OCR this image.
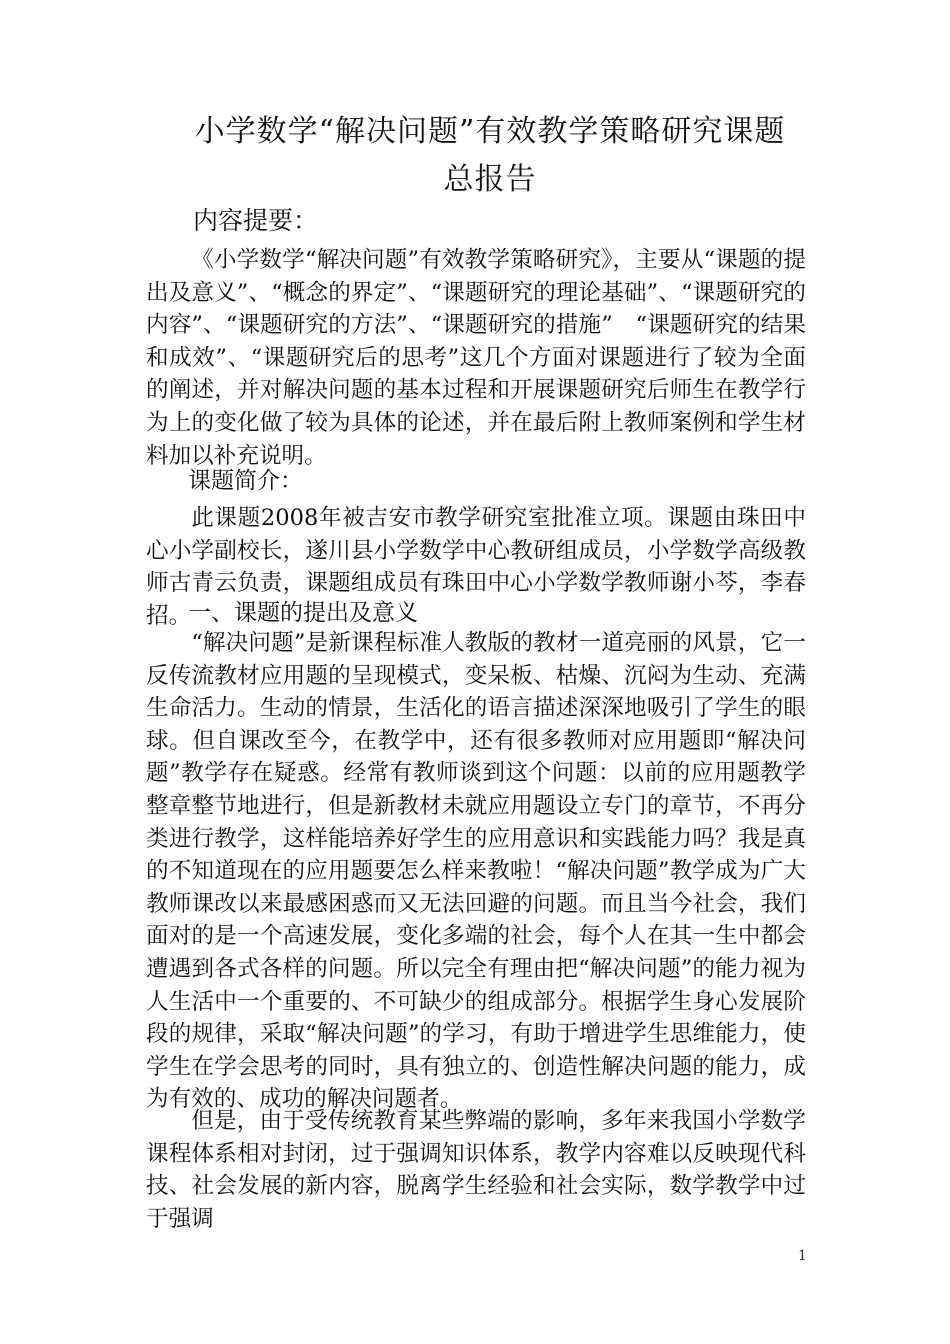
小学数学“解决问题”有效教学策略研究课题
总报告
内容提要：

《小学数学“解决问题”有效教学策略研究》，主要从“课题的提出及意义”、“概念的界定”、“课题研究的理论基础”、“课题研究的内容”、“课题研究的方法”、“课题研究的措施”　“课题研究的结果和成效”、“课题研究后的思考”这几个方面对课题进行了较为全面的阐述，并对解决问题的基本过程和开展课题研究后师生在教学行为上的变化做了较为具体的论述，并在最后附上教师案例和学生材料加以补充说明。

课题简介：

此课题2008年被吉安市教学研究室批准立项。课题由珠田中心小学副校长，遂川县小学数学中心教研组成员，小学数学高级教师古青云负责，课题组成员有珠田中心小学数学教师谢小芩，李春招。

一、课题的提出及意义

“解决问题”是新课程标准人教版的教材一道亮丽的风景，它一反传流教材应用题的呈现模式，变呆板、枯燥、沉闷为生动、充满生命活力。生动的情景，生活化的语言描述深深地吸引了学生的眼球。但自课改至今，在教学中，还有很多教师对应用题即“解决问题”教学存在疑惑。经常有教师谈到这个问题：以前的应用题教学整章整节地进行，但是新教材未就应用题设立专门的章节，不再分类进行教学，这样能培养好学生的应用意识和实践能力吗？我是真的不知道现在的应用题要怎么样来教啦！“解决问题”教学成为广大教师课改以来最感困惑而又无法回避的问题。而且当今社会，我们面对的是一个高速发展，变化多端的社会，每个人在其一生中都会遭遇到各式各样的问题。所以完全有理由把“解决问题”的能力视为人生活中一个重要的、不可缺少的组成部分。根据学生身心发展阶段的规律，采取“解决问题”的学习，有助于增进学生思维能力，使学生在学会思考的同时，具有独立的、创造性解决问题的能力，成为有效的、成功的解决问题者。

但是，由于受传统教育某些弊端的影响，多年来我国小学数学课程体系相对封闭，过于强调知识体系，教学内容难以反映现代科技、社会发展的新内容，脱离学生经验和社会实际，数学教学中过于强调

1
